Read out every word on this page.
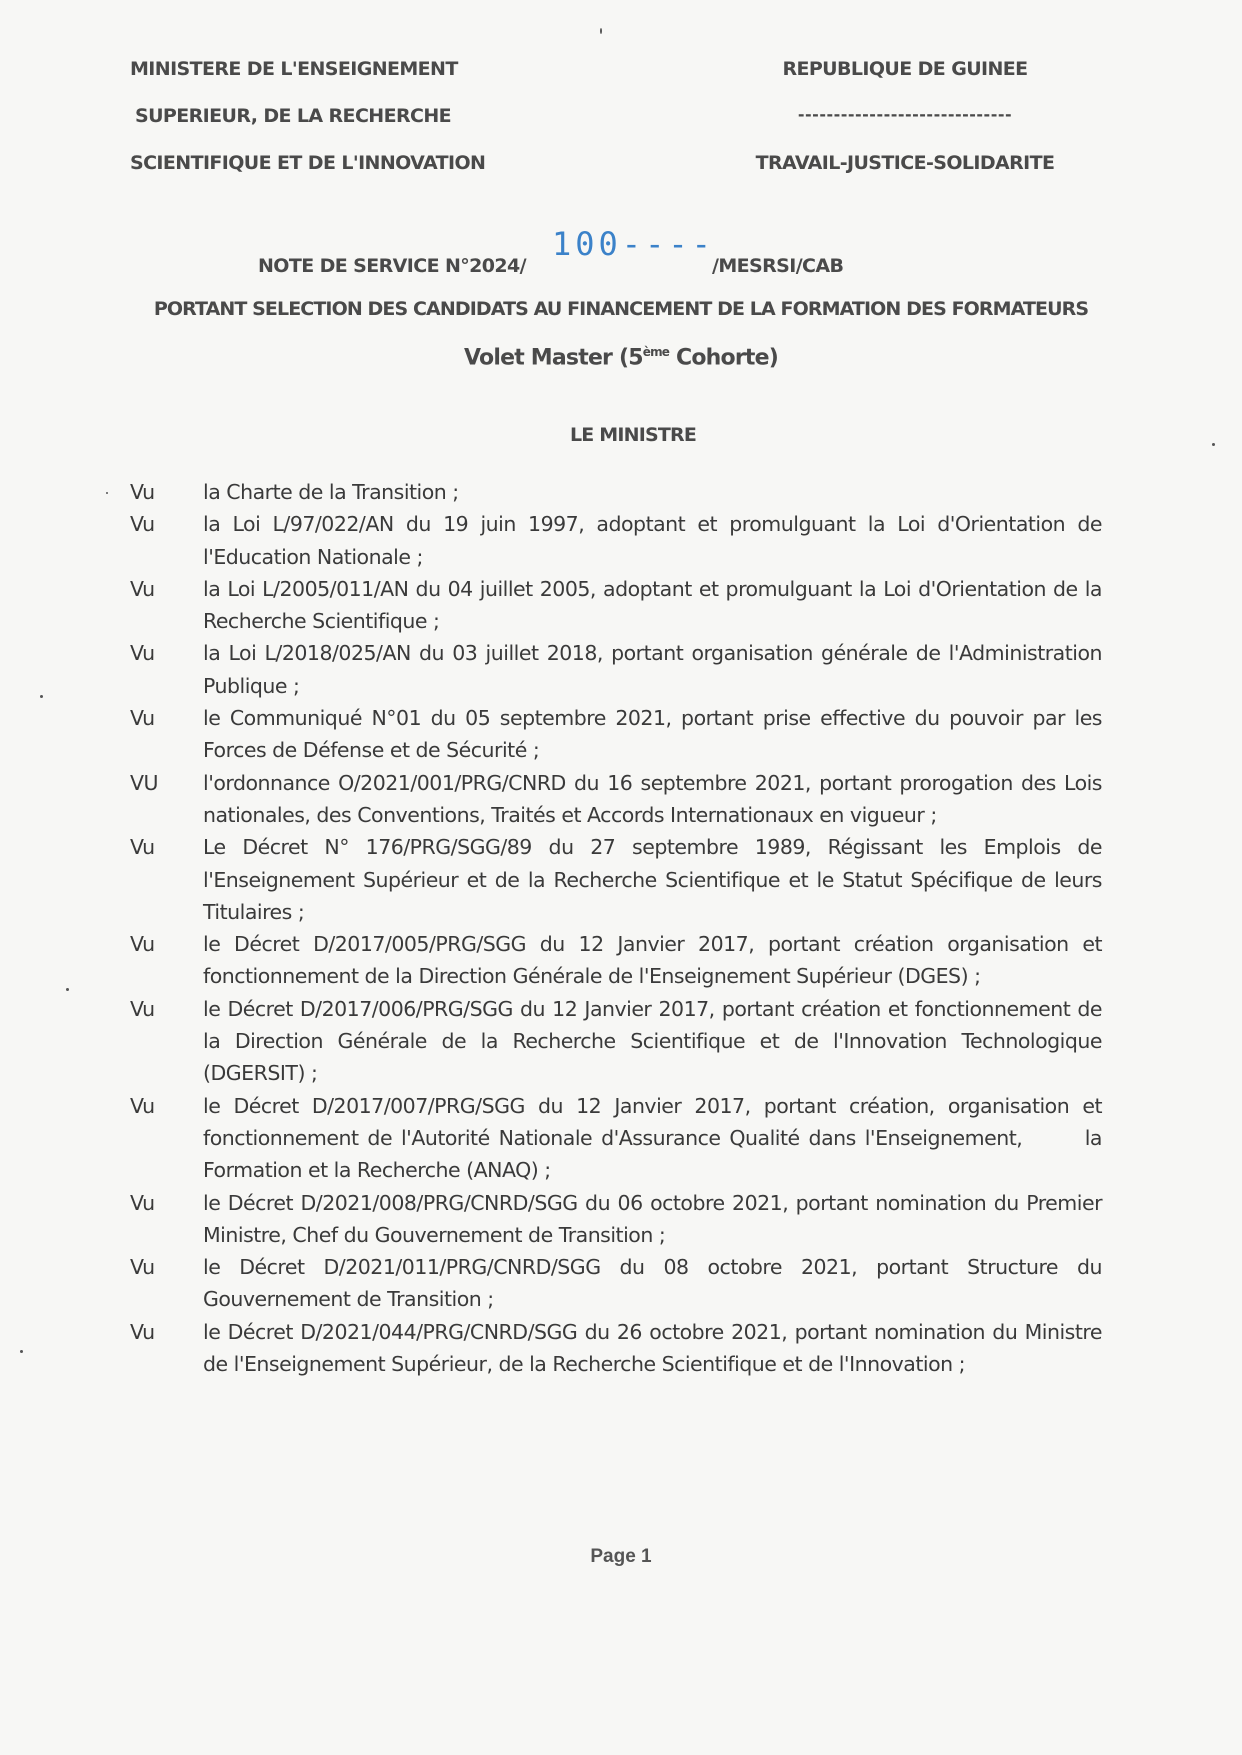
MINISTERE DE L'ENSEIGNEMENT
SUPERIEUR, DE LA RECHERCHE
SCIENTIFIQUE ET DE L'INNOVATION
REPUBLIQUE DE GUINEE
------------------------------
TRAVAIL-JUSTICE-SOLIDARITE
NOTE DE SERVICE N°2024/
100----
/MESRSI/CAB
PORTANT SELECTION DES CANDIDATS AU FINANCEMENT DE LA FORMATION DES FORMATEURS
Volet Master (5ème Cohorte)
LE MINISTRE
Vu	la Charte de la Transition ;
Vu	la Loi L/97/022/AN du 19 juin 1997, adoptant et promulguant la Loi d'Orientation de l'Education Nationale ;
Vu	la Loi L/2005/011/AN du 04 juillet 2005, adoptant et promulguant la Loi d'Orientation de la Recherche Scientifique ;
Vu	la Loi L/2018/025/AN du 03 juillet 2018, portant organisation générale de l'Administration Publique ;
Vu	le Communiqué N°01 du 05 septembre 2021, portant prise effective du pouvoir par les Forces de Défense et de Sécurité ;
VU	l'ordonnance O/2021/001/PRG/CNRD du 16 septembre 2021, portant prorogation des Lois nationales, des Conventions, Traités et Accords Internationaux en vigueur ;
Vu	Le Décret N° 176/PRG/SGG/89 du 27 septembre 1989, Régissant les Emplois de l'Enseignement Supérieur et de la Recherche Scientifique et le Statut Spécifique de leurs Titulaires ;
Vu	le Décret D/2017/005/PRG/SGG du 12 Janvier 2017, portant création organisation et fonctionnement de la Direction Générale de l'Enseignement Supérieur (DGES) ;
Vu	le Décret D/2017/006/PRG/SGG du 12 Janvier 2017, portant création et fonctionnement de la Direction Générale de la Recherche Scientifique et de l'Innovation Technologique (DGERSIT) ;
Vu	le Décret D/2017/007/PRG/SGG du 12 Janvier 2017, portant création, organisation et fonctionnement de l'Autorité Nationale d'Assurance Qualité dans l'Enseignement,       la Formation et la Recherche (ANAQ) ;
Vu	le Décret D/2021/008/PRG/CNRD/SGG du 06 octobre 2021, portant nomination du Premier Ministre, Chef du Gouvernement de Transition ;
Vu	le Décret D/2021/011/PRG/CNRD/SGG du 08 octobre 2021, portant Structure du Gouvernement de Transition ;
Vu	le Décret D/2021/044/PRG/CNRD/SGG du 26 octobre 2021, portant nomination du Ministre de l'Enseignement Supérieur, de la Recherche Scientifique et de l'Innovation ;
Page 1
